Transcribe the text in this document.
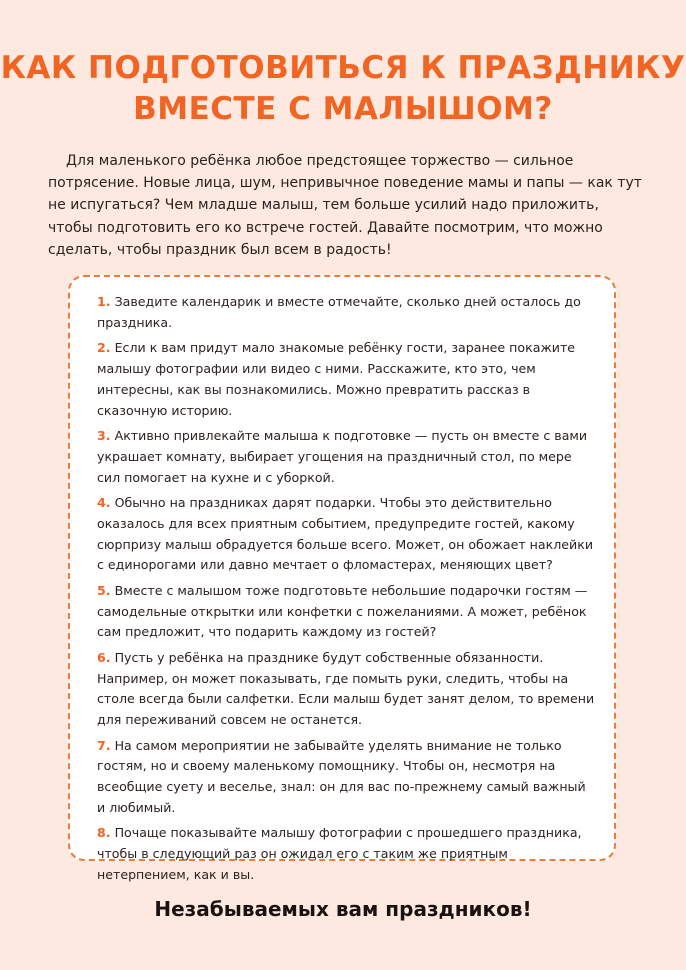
КАК ПОДГОТОВИТЬСЯ К ПРАЗДНИКУ
ВМЕСТЕ С МАЛЫШОМ?

Для маленького ребёнка любое предстоящее торжество — сильное потрясение. Новые лица, шум, непривычное поведение мамы и папы — как тут не испугаться? Чем младше малыш, тем больше усилий надо приложить, чтобы подготовить его ко встрече гостей. Давайте посмотрим, что можно сделать, чтобы праздник был всем в радость!

1. Заведите календарик и вместе отмечайте, сколько дней осталось до праздника.
2. Если к вам придут мало знакомые ребёнку гости, заранее покажите малышу фотографии или видео с ними. Расскажите, кто это, чем интересны, как вы познакомились. Можно превратить рассказ в сказочную историю.
3. Активно привлекайте малыша к подготовке — пусть он вместе с вами украшает комнату, выбирает угощения на праздничный стол, по мере сил помогает на кухне и с уборкой.
4. Обычно на праздниках дарят подарки. Чтобы это действительно оказалось для всех приятным событием, предупредите гостей, какому сюрпризу малыш обрадуется больше всего. Может, он обожает наклейки с единорогами или давно мечтает о фломастерах, меняющих цвет?
5. Вместе с малышом тоже подготовьте небольшие подарочки гостям — самодельные открытки или конфетки с пожеланиями. А может, ребёнок сам предложит, что подарить каждому из гостей?
6. Пусть у ребёнка на празднике будут собственные обязанности. Например, он может показывать, где помыть руки, следить, чтобы на столе всегда были салфетки. Если малыш будет занят делом, то времени для переживаний совсем не останется.
7. На самом мероприятии не забывайте уделять внимание не только гостям, но и своему маленькому помощнику. Чтобы он, несмотря на всеобщие суету и веселье, знал: он для вас по-прежнему самый важный и любимый.
8. Почаще показывайте малышу фотографии с прошедшего праздника, чтобы в следующий раз он ожидал его с таким же приятным нетерпением, как и вы.
Незабываемых вам праздников!
